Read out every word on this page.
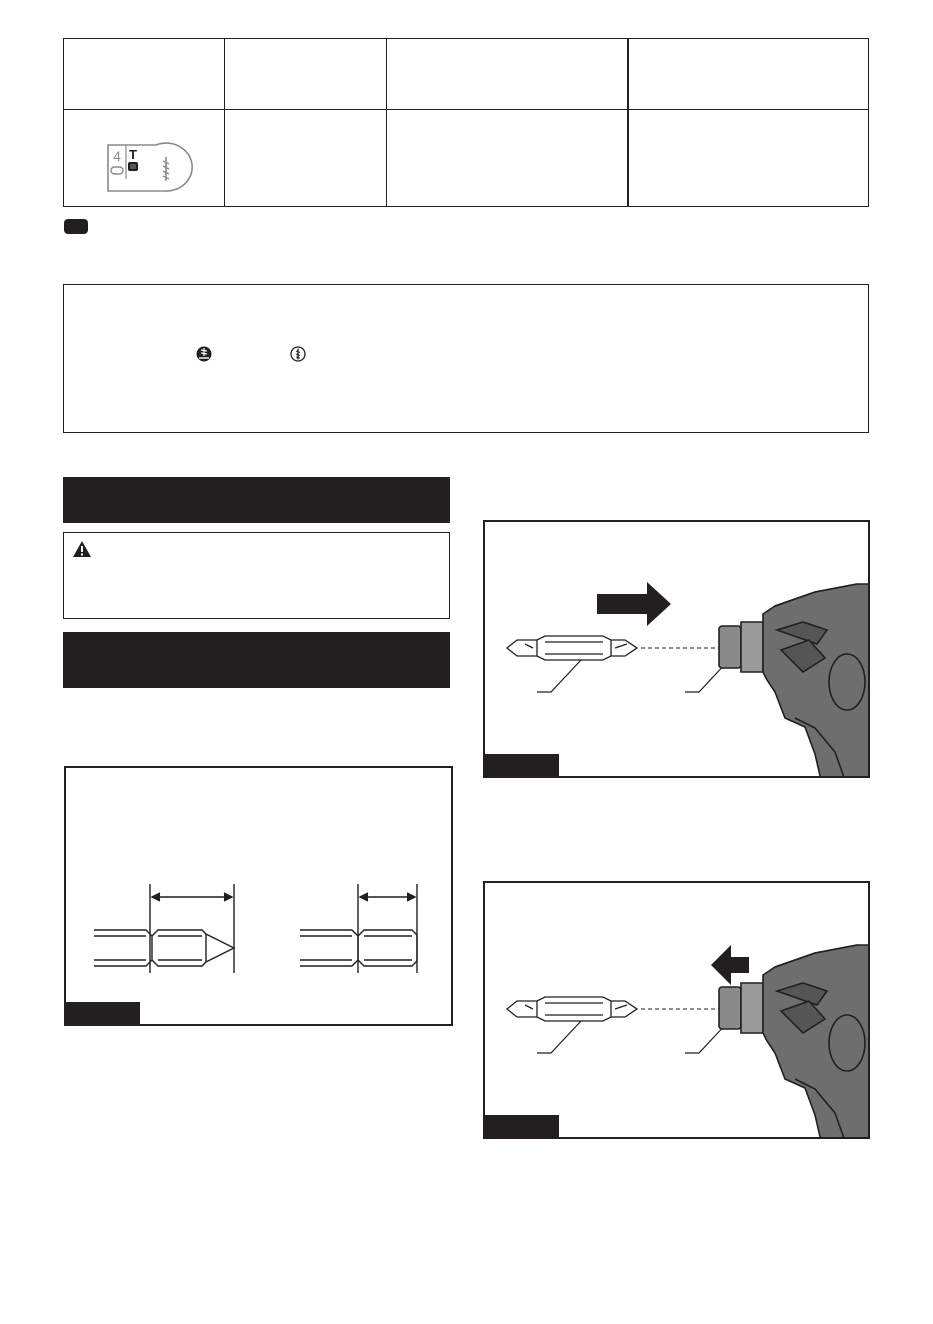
4 T
